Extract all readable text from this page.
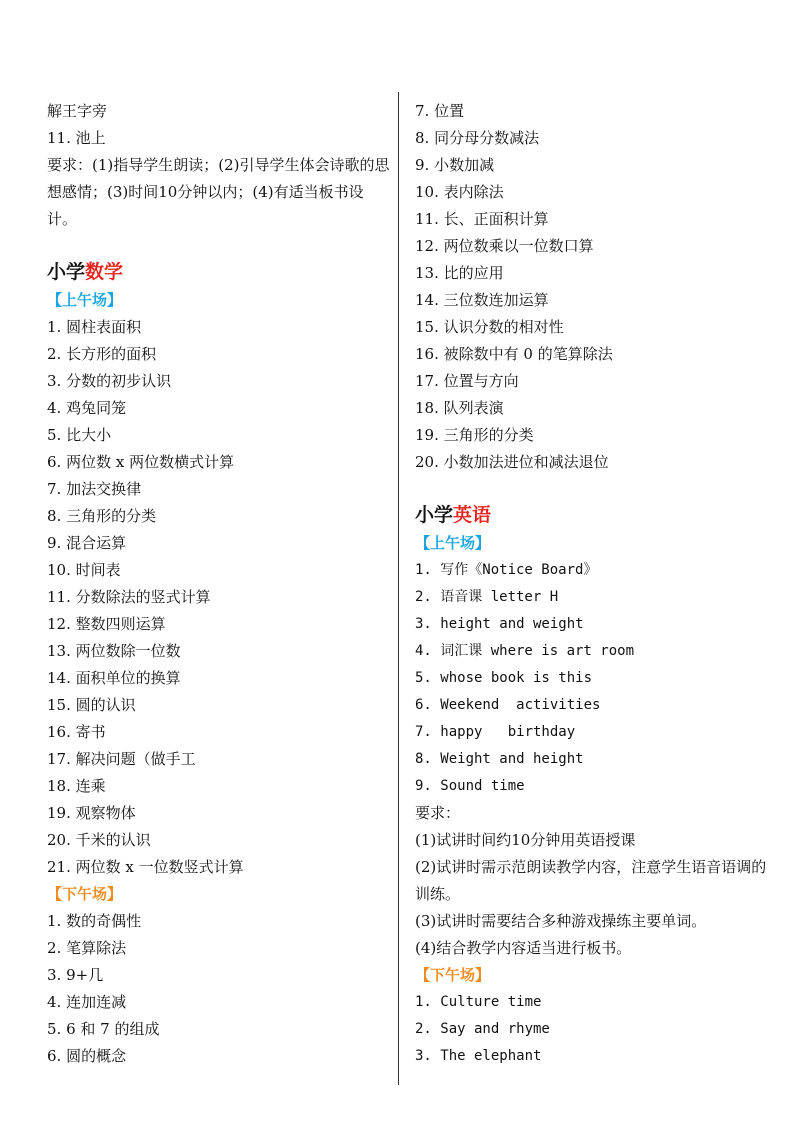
解王字旁
11. 池上
要求：(1)指导学生朗读；(2)引导学生体会诗歌的思想感情；(3)时间10分钟以内；(4)有适当板书设计。
小学数学
【上午场】
1. 圆柱表面积
2. 长方形的面积
3. 分数的初步认识
4. 鸡兔同笼
5. 比大小
6. 两位数 x 两位数横式计算
7. 加法交换律
8. 三角形的分类
9. 混合运算
10. 时间表
11. 分数除法的竖式计算
12. 整数四则运算
13. 两位数除一位数
14. 面积单位的换算
15. 圆的认识
16. 寄书
17. 解决问题（做手工
18. 连乘
19. 观察物体
20. 千米的认识
21. 两位数 x 一位数竖式计算
【下午场】
1. 数的奇偶性
2. 笔算除法
3. 9+几
4. 连加连减
5. 6 和 7 的组成
6. 圆的概念
7. 位置
8. 同分母分数减法
9. 小数加减
10. 表内除法
11. 长、正面积计算
12. 两位数乘以一位数口算
13. 比的应用
14. 三位数连加运算
15. 认识分数的相对性
16. 被除数中有 0 的笔算除法
17. 位置与方向
18. 队列表演
19. 三角形的分类
20. 小数加法进位和减法退位
小学英语
【上午场】
1. 写作《Notice Board》
2. 语音课 letter H
3. height and weight
4. 词汇课 where is art room
5. whose book is this
6. Weekend  activities
7. happy   birthday
8. Weight and height
9. Sound time
要求：
(1)试讲时间约10分钟用英语授课
(2)试讲时需示范朗读教学内容，注意学生语音语调的训练。
(3)试讲时需要结合多种游戏操练主要单词。
(4)结合教学内容适当进行板书。
【下午场】
1. Culture time
2. Say and rhyme
3. The elephant
